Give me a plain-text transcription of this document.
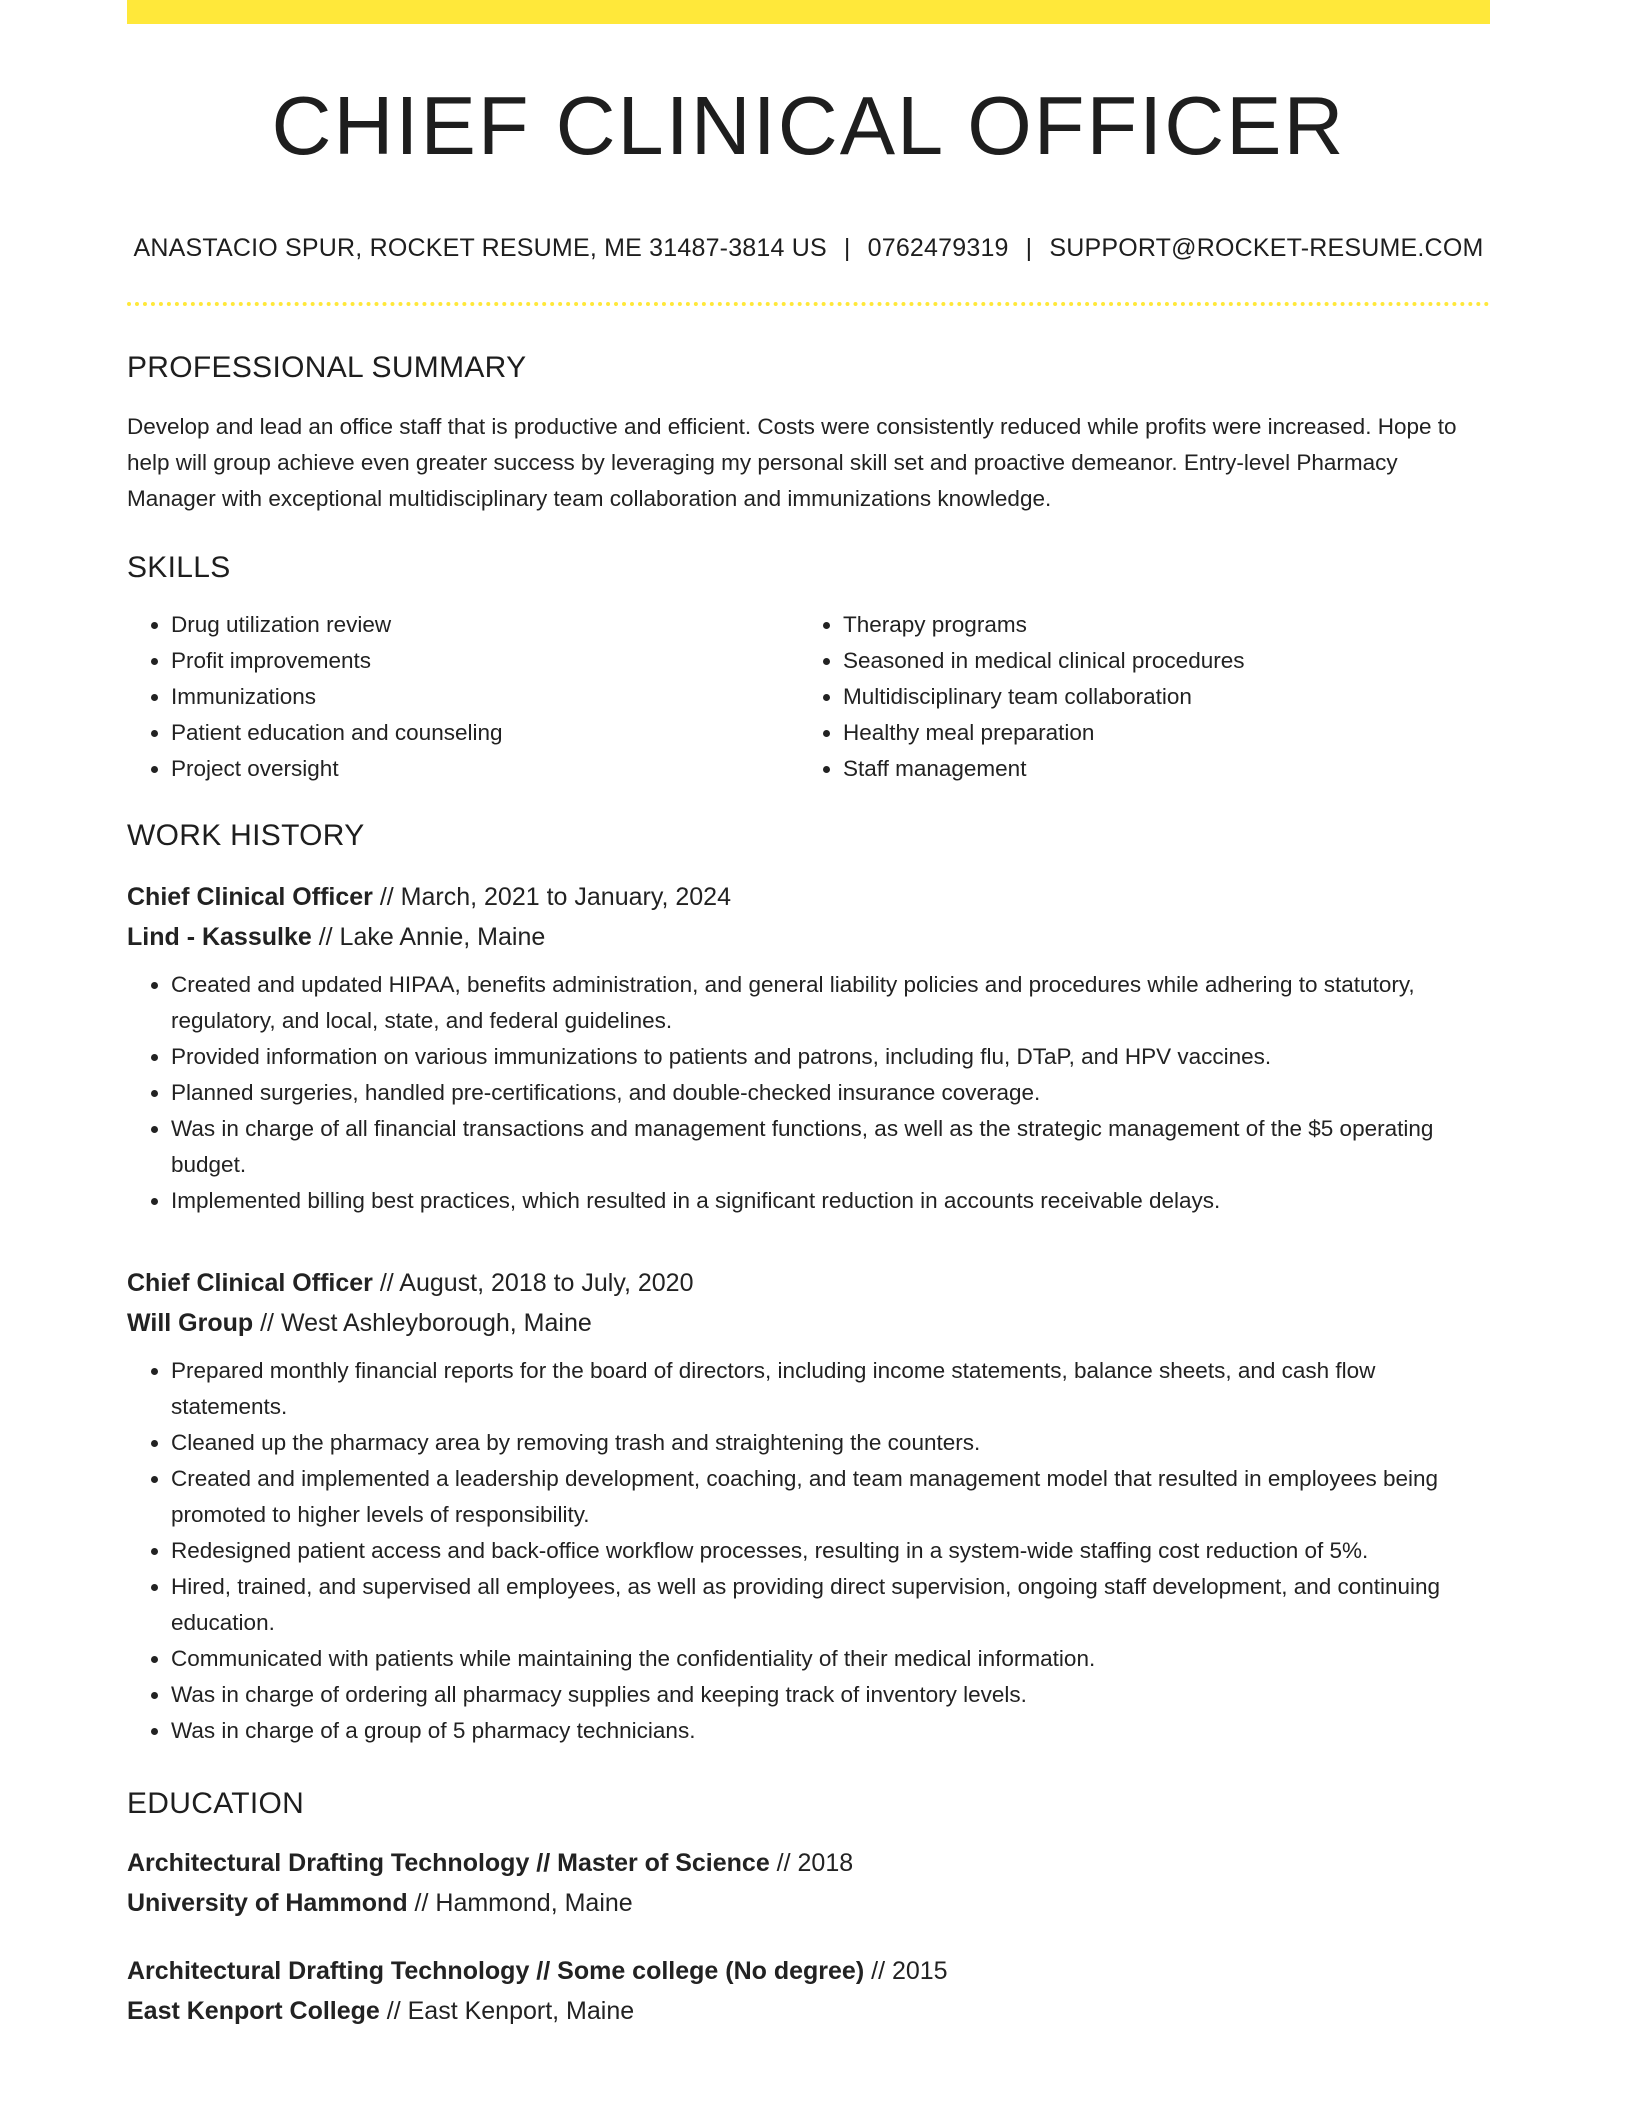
CHIEF CLINICAL OFFICER
ANASTACIO SPUR, ROCKET RESUME, ME 31487-3814 US | 0762479319 | SUPPORT@ROCKET-RESUME.COM
PROFESSIONAL SUMMARY
Develop and lead an office staff that is productive and efficient. Costs were consistently reduced while profits were increased. Hope to help will group achieve even greater success by leveraging my personal skill set and proactive demeanor. Entry-level Pharmacy Manager with exceptional multidisciplinary team collaboration and immunizations knowledge.
SKILLS
• Drug utilization review
• Profit improvements
• Immunizations
• Patient education and counseling
• Project oversight
• Therapy programs
• Seasoned in medical clinical procedures
• Multidisciplinary team collaboration
• Healthy meal preparation
• Staff management
WORK HISTORY
Chief Clinical Officer // March, 2021 to January, 2024
Lind - Kassulke // Lake Annie, Maine
• Created and updated HIPAA, benefits administration, and general liability policies and procedures while adhering to statutory, regulatory, and local, state, and federal guidelines.
• Provided information on various immunizations to patients and patrons, including flu, DTaP, and HPV vaccines.
• Planned surgeries, handled pre-certifications, and double-checked insurance coverage.
• Was in charge of all financial transactions and management functions, as well as the strategic management of the $5 operating budget.
• Implemented billing best practices, which resulted in a significant reduction in accounts receivable delays.
Chief Clinical Officer // August, 2018 to July, 2020
Will Group // West Ashleyborough, Maine
• Prepared monthly financial reports for the board of directors, including income statements, balance sheets, and cash flow statements.
• Cleaned up the pharmacy area by removing trash and straightening the counters.
• Created and implemented a leadership development, coaching, and team management model that resulted in employees being promoted to higher levels of responsibility.
• Redesigned patient access and back-office workflow processes, resulting in a system-wide staffing cost reduction of 5%.
• Hired, trained, and supervised all employees, as well as providing direct supervision, ongoing staff development, and continuing education.
• Communicated with patients while maintaining the confidentiality of their medical information.
• Was in charge of ordering all pharmacy supplies and keeping track of inventory levels.
• Was in charge of a group of 5 pharmacy technicians.
EDUCATION
Architectural Drafting Technology // Master of Science // 2018
University of Hammond // Hammond, Maine
Architectural Drafting Technology // Some college (No degree) // 2015
East Kenport College // East Kenport, Maine
